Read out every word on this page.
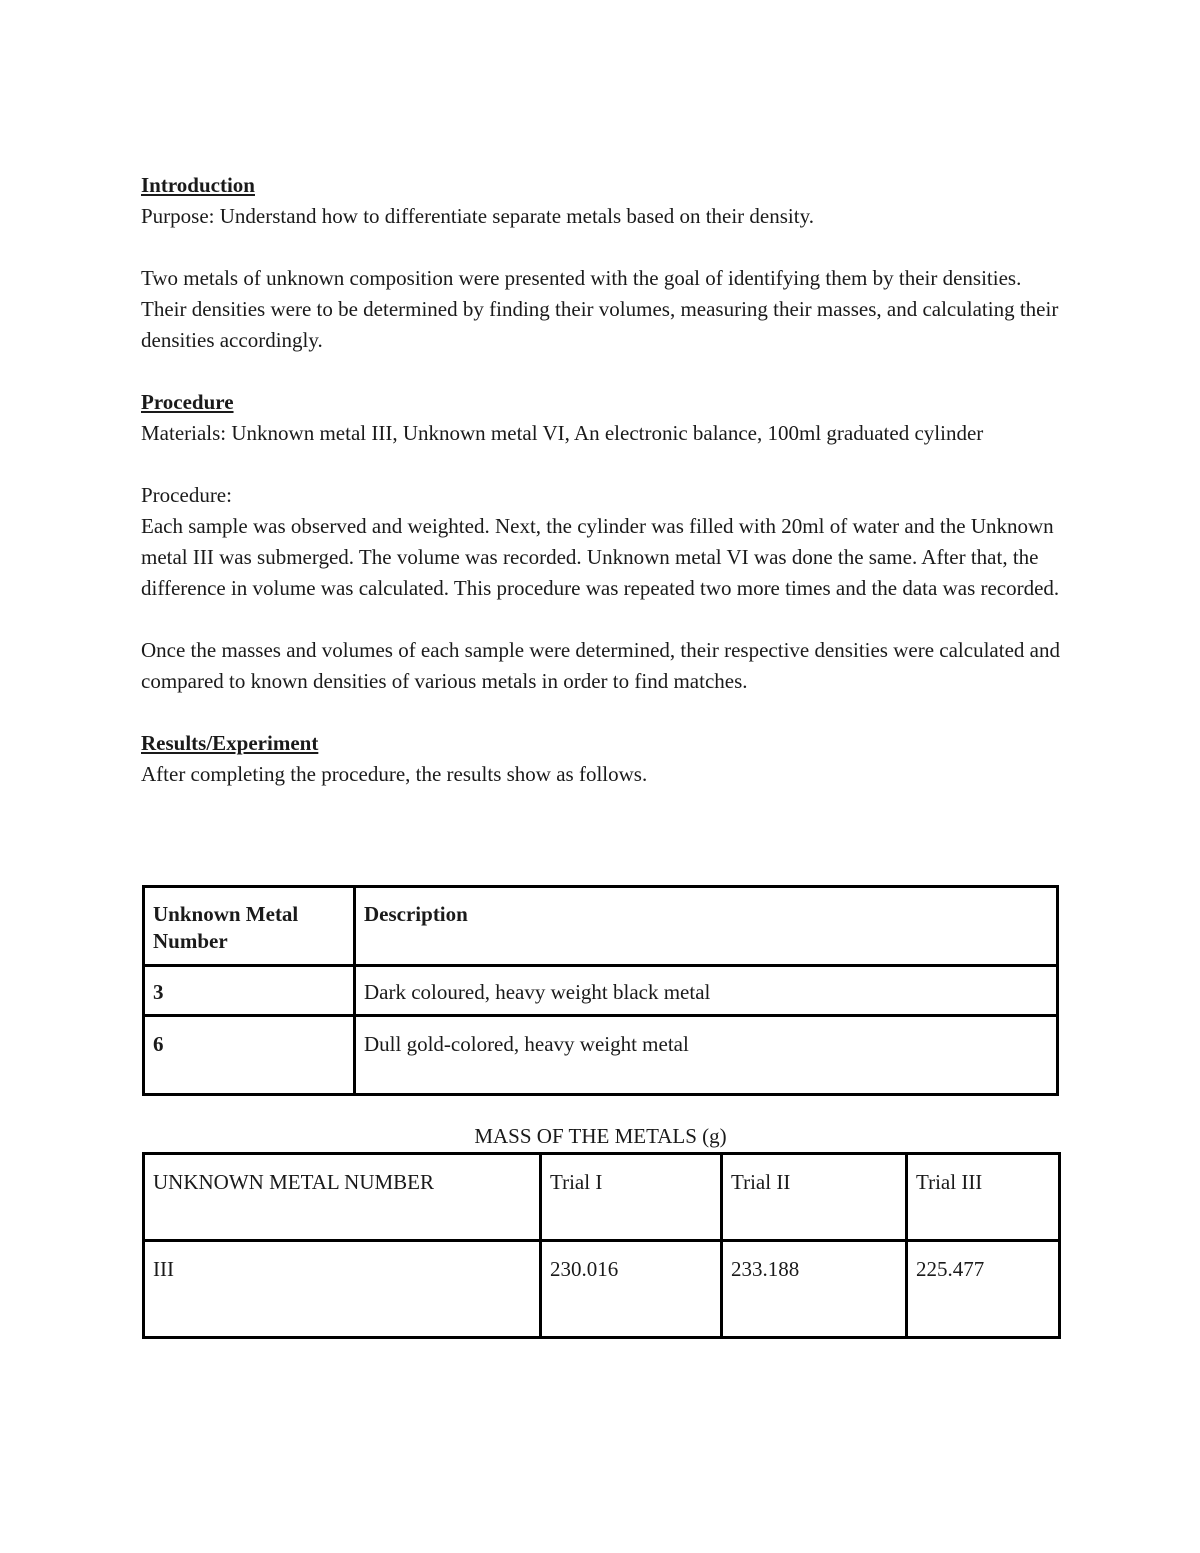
Introduction

Purpose: Understand how to differentiate separate metals based on their density.

Two metals of unknown composition were presented with the goal of identifying them by their densities. Their densities were to be determined by finding their volumes, measuring their masses, and calculating their densities accordingly.

Procedure

Materials: Unknown metal III, Unknown metal VI, An electronic balance, 100ml graduated cylinder

Procedure:

Each sample was observed and weighted. Next, the cylinder was filled with 20ml of water and the Unknown metal III was submerged. The volume was recorded. Unknown metal VI was done the same. After that, the difference in volume was calculated. This procedure was repeated two more times and the data was recorded.

Once the masses and volumes of each sample were determined, their respective densities were calculated and compared to known densities of various metals in order to find matches.

Results/Experiment

After completing the procedure, the results show as follows.

Unknown Metal Number	Description
3	Dark coloured, heavy weight black metal
6	Dull gold-colored, heavy weight metal
MASS OF THE METALS (g)
UNKNOWN METAL NUMBER	Trial I	Trial II	Trial III
III	230.016	233.188	225.477
